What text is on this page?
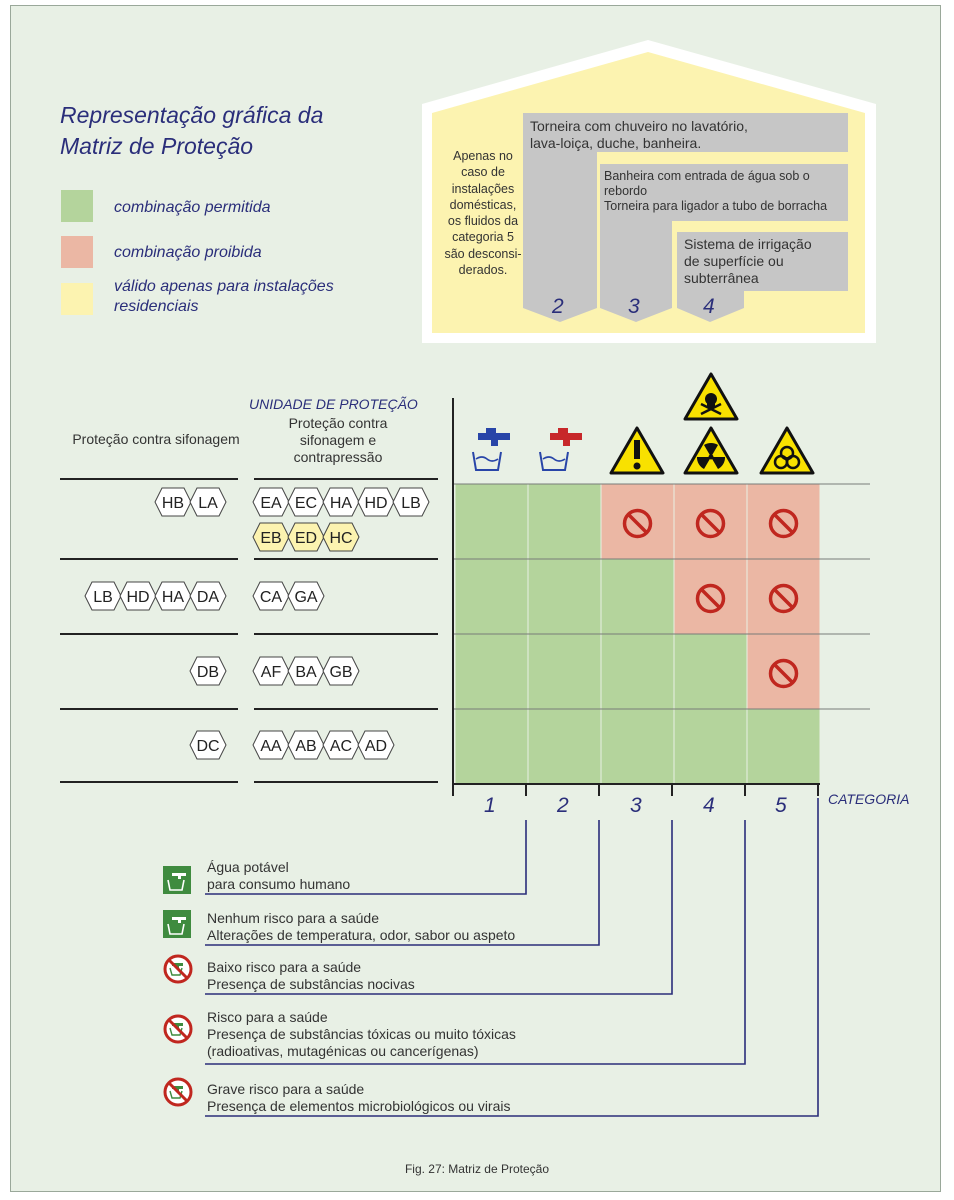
Representação gráfica da
Matriz de Proteção
combinação permitida
combinação proibida
válido apenas para instalações
residenciais
HB LA	EA EC HA HD LB
EB ED HC
LB HD HA DA	CA GA
DB	AF BA GB
DC	AA AB AC AD
Apenas no
caso de
instalações
domésticas,
os fluidos da
categoria 5
são desconsi-
derados.
Torneira com chuveiro no lavatório,
lava-loiça, duche, banheira.
Banheira com entrada de água sob o
rebordo
Torneira para ligador a tubo de borracha
Sistema de irrigação
de superfície ou
subterrânea
2	3	4
Proteção contra sifonagem
UNIDADE DE PROTEÇÃO
Proteção contra
sifonagem e
contrapressão
1	2	3	4	5	CATEGORIA
Água potável
para consumo humano
Nenhum risco para a saúde
Alterações de temperatura, odor, sabor ou aspeto
Baixo risco para a saúde
Presença de substâncias nocivas
Risco para a saúde
Presença de substâncias tóxicas ou muito tóxicas
(radioativas, mutagénicas ou cancerígenas)
Grave risco para a saúde
Presença de elementos microbiológicos ou virais
Fig. 27: Matriz de Proteção
